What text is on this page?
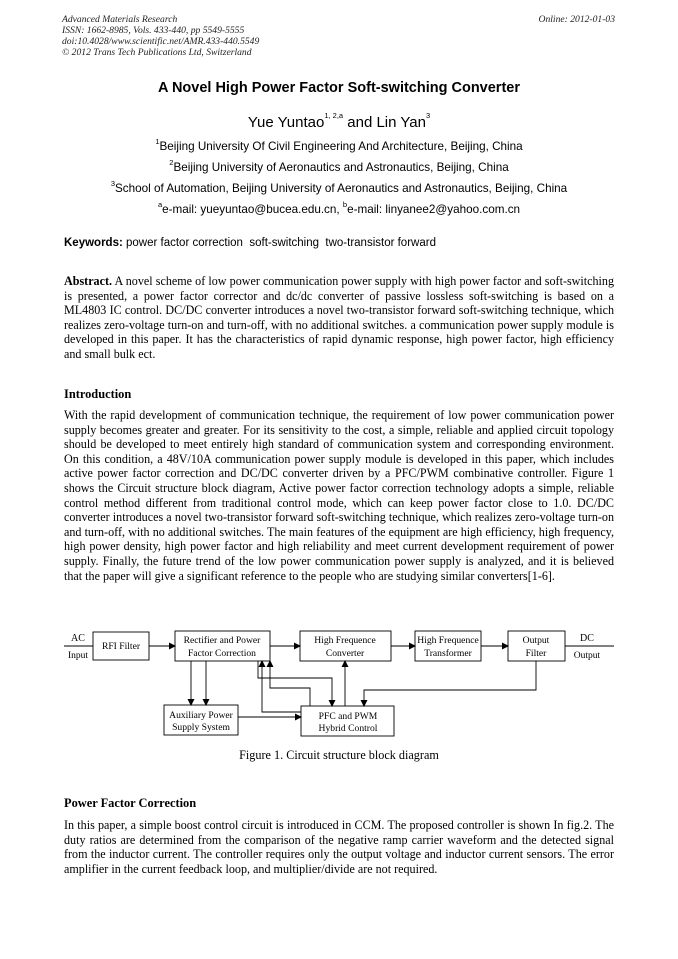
Advanced Materials Research
ISSN: 1662-8985, Vols. 433-440, pp 5549-5555
doi:10.4028/www.scientific.net/AMR.433-440.5549
© 2012 Trans Tech Publications Ltd, Switzerland
Online: 2012-01-03
A Novel High Power Factor Soft-switching Converter
Yue Yuntao$^{1, 2,a}$ and Lin Yan$^3$
$^1$Beijing University Of Civil Engineering And Architecture, Beijing, China
$^2$Beijing University of Aeronautics and Astronautics, Beijing, China
$^3$School of Automation, Beijing University of Aeronautics and Astronautics, Beijing, China
$^a$e-mail: yueyuntao@bucea.edu.cn, $^b$e-mail: linyanee2@yahoo.com.cn
Keywords: power factor correction  soft-switching  two-transistor forward
Abstract. A novel scheme of low power communication power supply with high power factor and soft-switching is presented, a power factor corrector and dc/dc converter of passive lossless soft-switching is based on a ML4803 IC control. DC/DC converter introduces a novel two-transistor forward soft-switching technique, which realizes zero-voltage turn-on and turn-off, with no additional switches. a communication power supply module is developed in this paper. It has the characteristics of rapid dynamic response, high power factor, high efficiency and small bulk ect.
Introduction
With the rapid development of communication technique, the requirement of low power communication power supply becomes greater and greater. For its sensitivity to the cost, a simple, reliable and applied circuit topology should be developed to meet entirely high standard of communication system and corresponding environment. On this condition, a 48V/10A communication power supply module is developed in this paper, which includes active power factor correction and DC/DC converter driven by a PFC/PWM combinative controller. Figure 1 shows the Circuit structure block diagram, Active power factor correction technology adopts a simple, reliable control method different from traditional control mode, which can keep power factor close to 1.0. DC/DC converter introduces a novel two-transistor forward soft-switching technique, which realizes zero-voltage turn-on and turn-off, with no additional switches. The main features of the equipment are high efficiency, high frequency, high power density, high power factor and high reliability and meet current development requirement of power supply. Finally, the future trend of the low power communication power supply is analyzed, and it is believed that the paper will give a significant reference to the people who are studying similar converters[1-6].
AC
Input
RFI Filter
Rectifier and Power
Factor Correction
High Frequence
Converter
High Frequence
Transformer
Output
Filter
DC
Output
Auxiliary Power
Supply System
PFC and PWM
Hybrid Control
Figure 1. Circuit structure block diagram
Power Factor Correction
In this paper, a simple boost control circuit is introduced in CCM. The proposed controller is shown In fig.2. The duty ratios are determined from the comparison of the negative ramp carrier waveform and the detected signal from the inductor current. The controller requires only the output voltage and inductor current sensors. The error amplifier in the current feedback loop, and multiplier/divide are not required.
